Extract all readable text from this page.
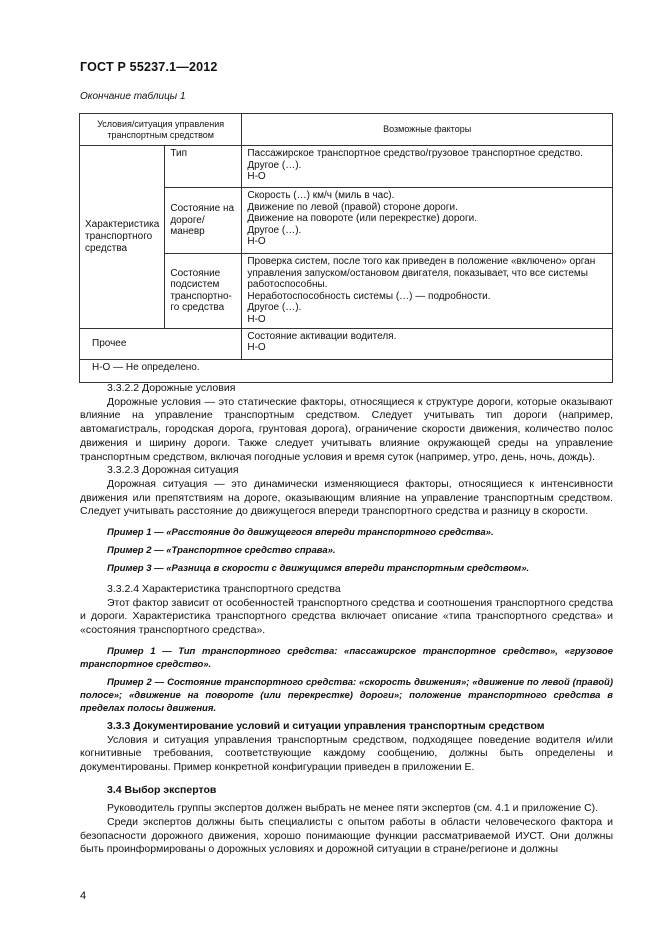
ГОСТ Р 55237.1—2012
Окончание таблицы 1
Условия/ситуация управления транспортным средством		Возможные факторы
Характеристика транспортного средства	Тип	Пассажирское транспортное средство/грузовое транспортное средство.
Другое (…).
Н-О

	Состояние на дороге/ маневр	Скорость (…) км/ч (миль в час).
Движение по левой (правой) стороне дороги.
Движение на повороте (или перекрестке) дороги.
Другое (…).
Н-О

	Состояние подсистем транспортно-го средства	Проверка систем, после того как приведен в положение «включено» орган управления запуском/остановом двигателя, показывает, что все системы работоспособны.
Неработоспособность системы (…) — подробности.
Другое (…).
Н-О

Прочее		Состояние активации водителя.
Н-О

Н-О — Не определено.		

3.3.2.2 Дорожные условия

Дорожные условия — это статические факторы, относящиеся к структуре дороги, которые оказывают влияние на управление транспортным средством. Следует учитывать тип дороги (например, автомагистраль, городская дорога, грунтовая дорога), ограничение скорости движения, количество полос движения и ширину дороги. Также следует учитывать влияние окружающей среды на управление транспортным средством, включая погодные условия и время суток (например, утро, день, ночь, дождь).

3.3.2.3 Дорожная ситуация

Дорожная ситуация — это динамически изменяющиеся факторы, относящиеся к интенсивности движения или препятствиям на дороге, оказывающим влияние на управление транспортным средством. Следует учитывать расстояние до движущегося впереди транспортного средства и разницу в скорости.

Пример 1 — «Расстояние до движущегося впереди транспортного средства».

Пример 2 — «Транспортное средство справа».

Пример 3 — «Разница в скорости с движущимся впереди транспортным средством».

3.3.2.4 Характеристика транспортного средства

Этот фактор зависит от особенностей транспортного средства и соотношения транспортного средства и дороги. Характеристика транспортного средства включает описание «типа транспортного средства» и «состояния транспортного средства».

Пример 1 — Тип транспортного средства: «пассажирское транспортное средство», «грузовое транспортное средство».

Пример 2 — Состояние транспортного средства: «скорость движения»; «движение по левой (правой) полосе»; «движение на повороте (или перекрестке) дороги»; положение транспортного средства в пределах полосы движения.

3.3.3 Документирование условий и ситуации управления транспортным средством

Условия и ситуация управления транспортным средством, подходящее поведение водителя и/или когнитивные требования, соответствующие каждому сообщению, должны быть определены и документированы. Пример конкретной конфигурации приведен в приложении Е.

3.4 Выбор экспертов

Руководитель группы экспертов должен выбрать не менее пяти экспертов (см. 4.1 и приложение С).

Среди экспертов должны быть специалисты с опытом работы в области человеческого фактора и безопасности дорожного движения, хорошо понимающие функции рассматриваемой ИУСТ. Они должны быть проинформированы о дорожных условиях и дорожной ситуации в стране/регионе и должны

4
